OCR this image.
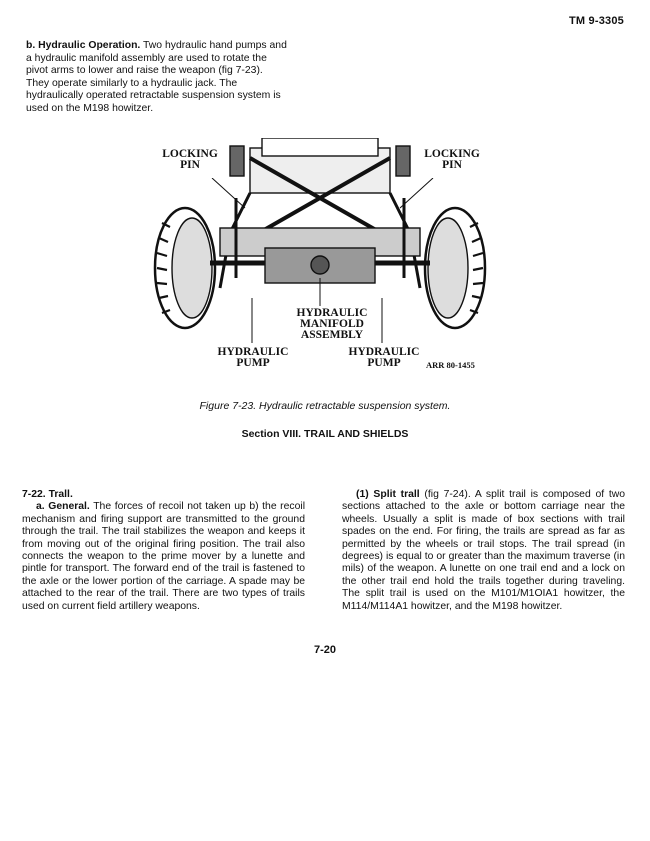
TM 9-3305
b. Hydraulic Operation. Two hydraulic hand pumps and a hydraulic manifold assembly are used to rotate the pivot arms to lower and raise the weapon (fig 7-23). They operate similarly to a hydraulic jack. The hydraulically operated retractable suspension system is used on the M198 howitzer.
LOCKING
PIN
LOCKING
PIN
HYDRAULIC
MANIFOLD
ASSEMBLY
HYDRAULIC
PUMP
HYDRAULIC
PUMP	ARR 80-1455
Figure 7-23. Hydraulic retractable suspension system.
Section VIII. TRAIL AND SHIELDS

7-22. Trall.

a. General. The forces of recoil not taken up b) the recoil mechanism and firing support are transmitted to the ground through the trail. The trail stabilizes the weapon and keeps it from moving out of the original firing position. The trail also connects the weapon to the prime mover by a lunette and pintle for transport. The forward end of the trail is fastened to the axle or the lower portion of the carriage. A spade may be attached to the rear of the trail. There are two types of trails used on current field artillery weapons.

(1) Split trall (fig 7-24). A split trail is composed of two sections attached to the axle or bottom carriage near the wheels. Usually a split is made of box sections with trail spades on the end. For firing, the trails are spread as far as permitted by the wheels or trail stops. The trail spread (in degrees) is equal to or greater than the maximum traverse (in mils) of the weapon. A lunette on one trail end and a lock on the other trail end hold the trails together during traveling. The split trail is used on the M101/M1OIA1 howitzer, the M114/M114A1 howitzer, and the M198 howitzer.

7-20
